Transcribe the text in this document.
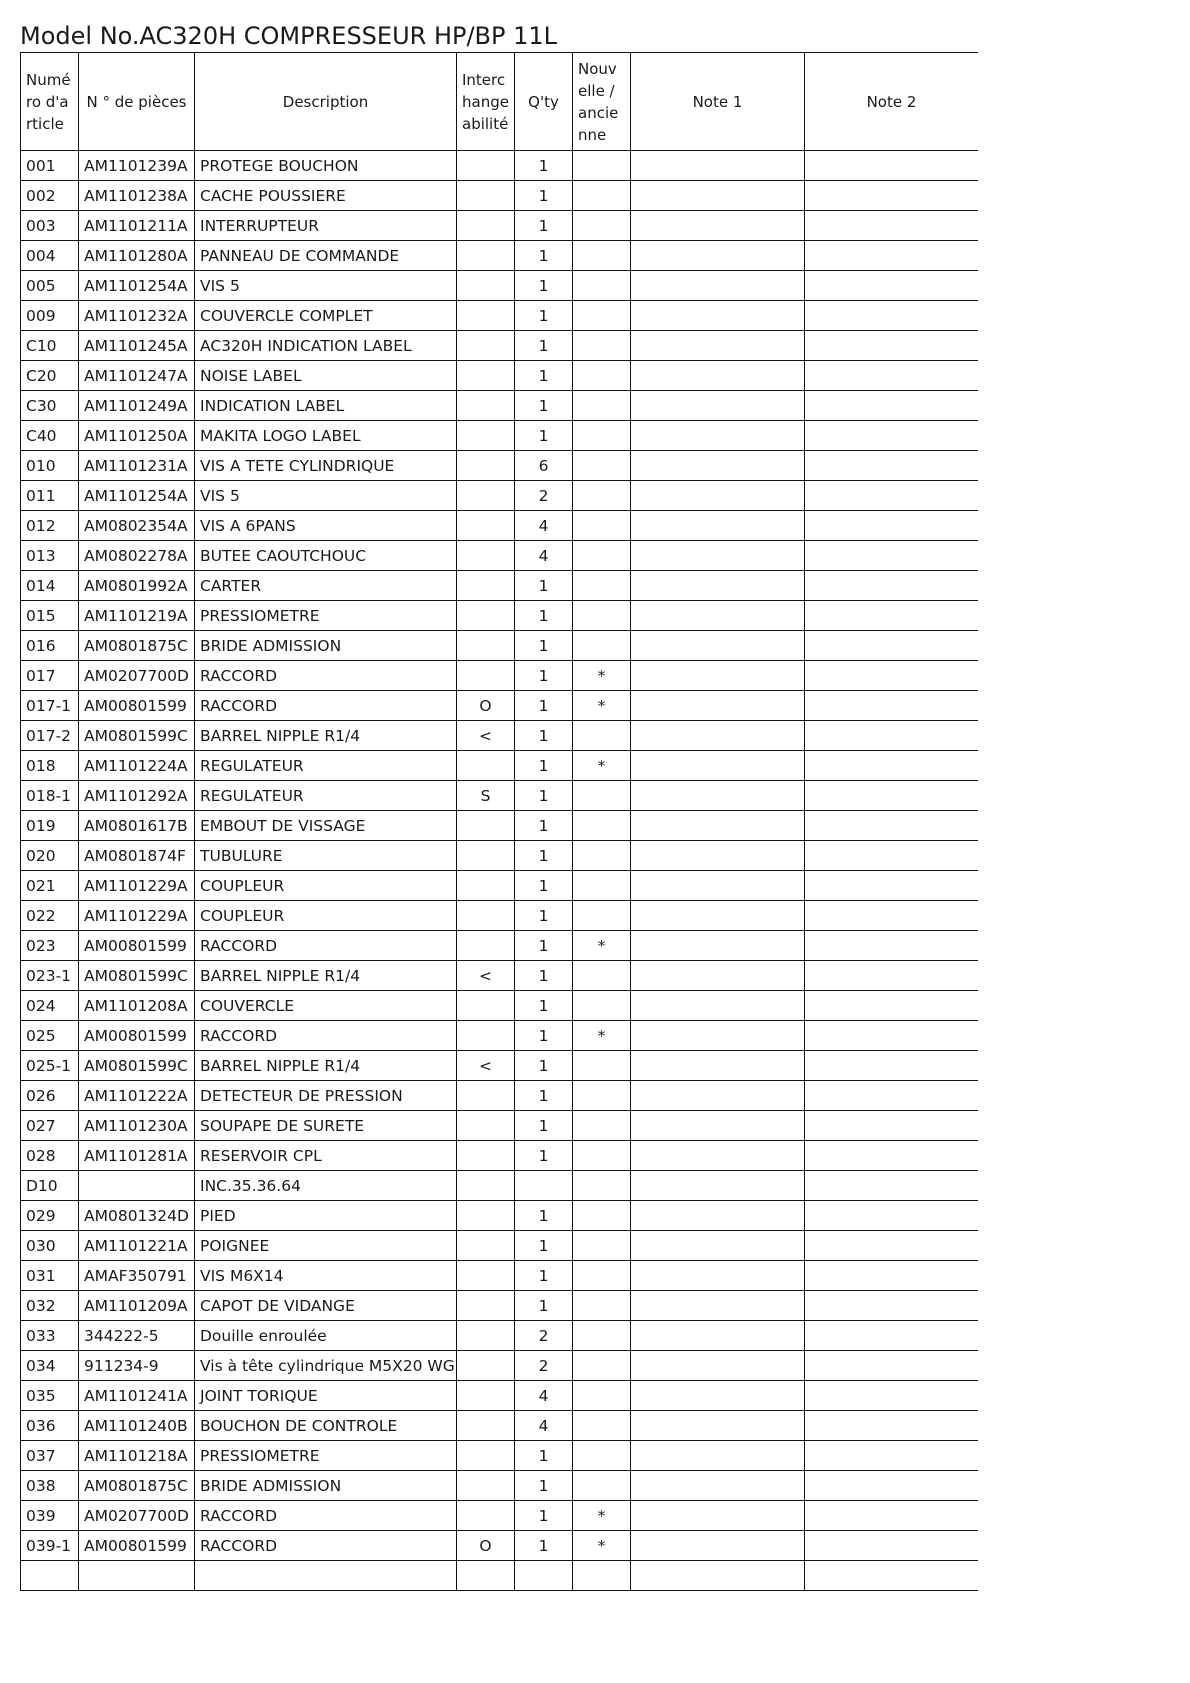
Model No.AC320H COMPRESSEUR HP/BP 11L
Numéro d'article	N ° de pièces	Description	Interchangeabilité	Q'ty	Nouvelle / ancienne	Note 1	Note 2
001	AM1101239A	PROTEGE BOUCHON		1			
002	AM1101238A	CACHE POUSSIERE		1			
003	AM1101211A	INTERRUPTEUR		1			
004	AM1101280A	PANNEAU DE COMMANDE		1			
005	AM1101254A	VIS 5		1			
009	AM1101232A	COUVERCLE COMPLET		1			
C10	AM1101245A	AC320H INDICATION LABEL		1			
C20	AM1101247A	NOISE LABEL		1			
C30	AM1101249A	INDICATION LABEL		1			
C40	AM1101250A	MAKITA LOGO LABEL		1			
010	AM1101231A	VIS A TETE CYLINDRIQUE		6			
011	AM1101254A	VIS 5		2			
012	AM0802354A	VIS A 6PANS		4			
013	AM0802278A	BUTEE CAOUTCHOUC		4			
014	AM0801992A	CARTER		1			
015	AM1101219A	PRESSIOMETRE		1			
016	AM0801875C	BRIDE ADMISSION		1			
017	AM0207700D	RACCORD		1	*		
017-1	AM00801599	RACCORD	O	1	*		
017-2	AM0801599C	BARREL NIPPLE R1/4	<	1			
018	AM1101224A	REGULATEUR		1	*		
018-1	AM1101292A	REGULATEUR	S	1			
019	AM0801617B	EMBOUT DE VISSAGE		1			
020	AM0801874F	TUBULURE		1			
021	AM1101229A	COUPLEUR		1			
022	AM1101229A	COUPLEUR		1			
023	AM00801599	RACCORD		1	*		
023-1	AM0801599C	BARREL NIPPLE R1/4	<	1			
024	AM1101208A	COUVERCLE		1			
025	AM00801599	RACCORD		1	*		
025-1	AM0801599C	BARREL NIPPLE R1/4	<	1			
026	AM1101222A	DETECTEUR DE PRESSION		1			
027	AM1101230A	SOUPAPE DE SURETE		1			
028	AM1101281A	RESERVOIR CPL		1			
D10		INC.35.36.64					
029	AM0801324D	PIED		1			
030	AM1101221A	POIGNEE		1			
031	AMAF350791	VIS M6X14		1			
032	AM1101209A	CAPOT DE VIDANGE		1			
033	344222-5	Douille enroulée		2			
034	911234-9	Vis à tête cylindrique M5X20 WG		2			
035	AM1101241A	JOINT TORIQUE		4			
036	AM1101240B	BOUCHON DE CONTROLE		4			
037	AM1101218A	PRESSIOMETRE		1			
038	AM0801875C	BRIDE ADMISSION		1			
039	AM0207700D	RACCORD		1	*		
039-1	AM00801599	RACCORD	O	1	*		
